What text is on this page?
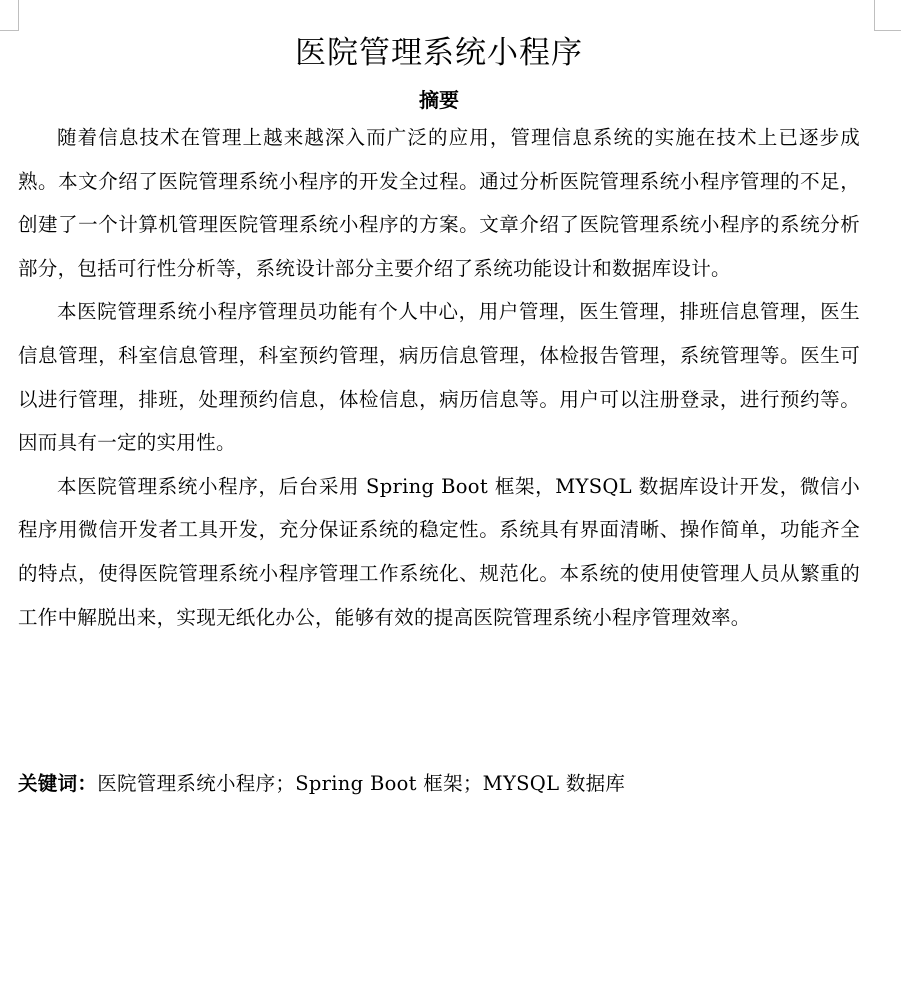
医院管理系统小程序
摘要

随着信息技术在管理上越来越深入而广泛的应用，管理信息系统的实施在技术上已逐步成熟。本文介绍了医院管理系统小程序的开发全过程。通过分析医院管理系统小程序管理的不足，创建了一个计算机管理医院管理系统小程序的方案。文章介绍了医院管理系统小程序的系统分析部分，包括可行性分析等，系统设计部分主要介绍了系统功能设计和数据库设计。

本医院管理系统小程序管理员功能有个人中心，用户管理，医生管理，排班信息管理，医生信息管理，科室信息管理，科室预约管理，病历信息管理，体检报告管理，系统管理等。医生可以进行管理，排班，处理预约信息，体检信息，病历信息等。用户可以注册登录，进行预约等。因而具有一定的实用性。

本医院管理系统小程序，后台采用 Spring Boot 框架，MYSQL 数据库设计开发，微信小程序用微信开发者工具开发，充分保证系统的稳定性。系统具有界面清晰、操作简单，功能齐全的特点，使得医院管理系统小程序管理工作系统化、规范化。本系统的使用使管理人员从繁重的工作中解脱出来，实现无纸化办公，能够有效的提高医院管理系统小程序管理效率。

关键词：医院管理系统小程序；Spring Boot 框架；MYSQL 数据库
